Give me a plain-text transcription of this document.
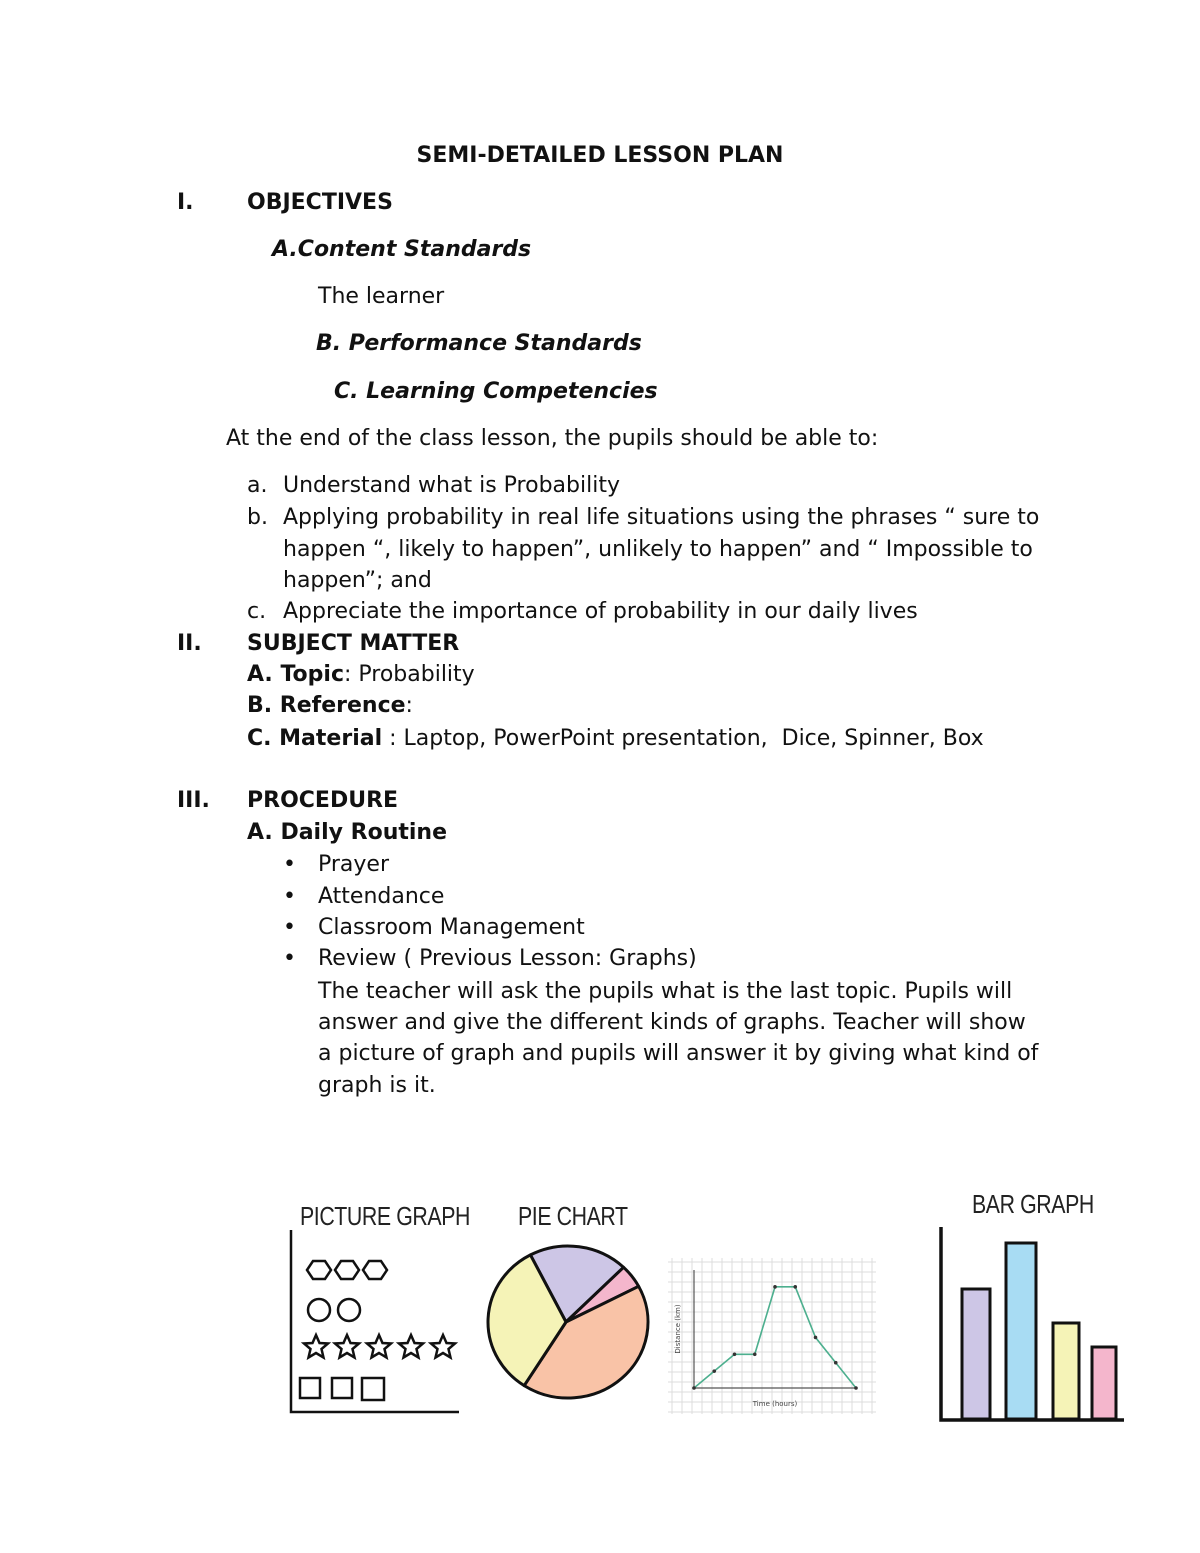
SEMI-DETAILED LESSON PLAN
I. OBJECTIVES
A.Content Standards
The learner
B. Performance Standards
C. Learning Competencies
At the end of the class lesson, the pupils should be able to:
a. Understand what is Probability
b. Applying probability in real life situations using the phrases “ sure to
happen “, likely to happen”, unlikely to happen” and “ Impossible to
happen”; and
c. Appreciate the importance of probability in our daily lives
II. SUBJECT MATTER
A. Topic: Probability
B. Reference:
C. Material : Laptop, PowerPoint presentation,  Dice, Spinner, Box
III. PROCEDURE
A. Daily Routine
• Prayer
• Attendance
• Classroom Management
• Review ( Previous Lesson: Graphs)
The teacher will ask the pupils what is the last topic. Pupils will
answer and give the different kinds of graphs. Teacher will show
a picture of graph and pupils will answer it by giving what kind of
graph is it.
PICTURE GRAPH PIE CHART
Time (hours)
Distance (km)
BAR GRAPH
